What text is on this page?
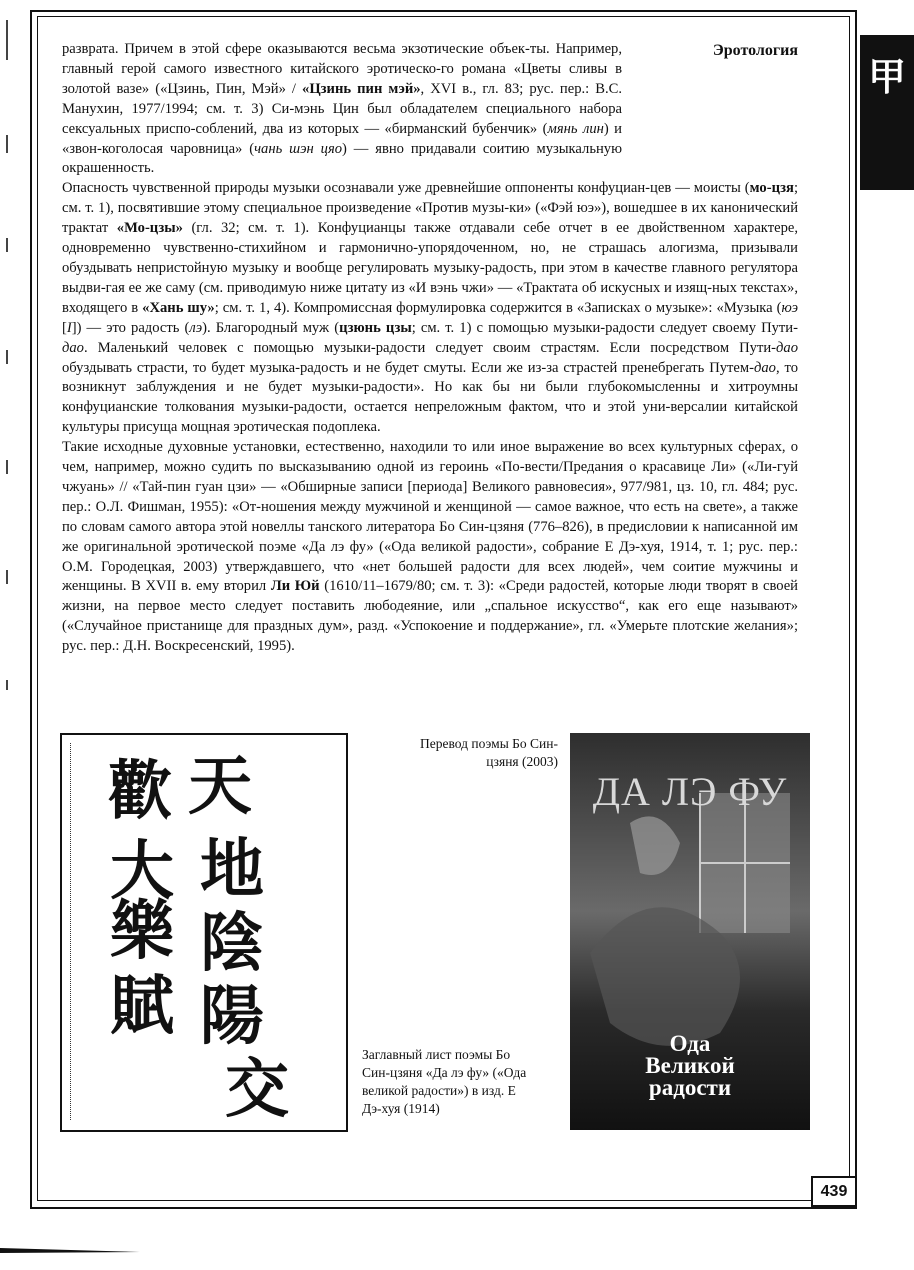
甲
Эротология

разврата. Причем в этой сфере оказываются весьма экзотические объек-ты. Например, главный герой самого известного китайского эротическо-го романа «Цветы сливы в золотой вазе» («Цзинь, Пин, Мэй» / «Цзинь пин мэй», XVI в., гл. 83; рус. пер.: B.C. Манухин, 1977/1994; см. т. 3) Си-мэнь Цин был обладателем специального набора сексуальных приспо-соблений, два из которых — «бирманский бубенчик» (мянь лин) и «звон-коголосая чаровница» (чань шэн цяо) — явно придавали соитию музыкальную окрашенность.

Опасность чувственной природы музыки осознавали уже древнейшие оппоненты конфуциан-цев — моисты (мо-цзя; см. т. 1), посвятившие этому специальное произведение «Против музы-ки» («Фэй юэ»), вошедшее в их канонический трактат «Мо-цзы» (гл. 32; см. т. 1). Конфуцианцы также отдавали себе отчет в ее двойственном характере, одновременно чувственно-стихийном и гармонично-упорядоченном, но, не страшась алогизма, призывали обуздывать непристойную музыку и вообще регулировать музыку-радость, при этом в качестве главного регулятора выдви-гая ее же саму (см. приводимую ниже цитату из «И вэнь чжи» — «Трактата об искусных и изящ-ных текстах», входящего в «Хань шу»; см. т. 1, 4). Компромиссная формулировка содержится в «Записках о музыке»: «Музыка (юэ [I]) — это радость (лэ). Благородный муж (цзюнь цзы; см. т. 1) с помощью музыки-радости следует своему Пути-дао. Маленький человек с помощью музыки-радости следует своим страстям. Если посредством Пути-дао обуздывать страсти, то будет музыка-радость и не будет смуты. Если же из-за страстей пренебрегать Путем-дао, то возникнут заблуждения и не будет музыки-радости». Но как бы ни были глубокомысленны и хитроумны конфуцианские толкования музыки-радости, остается непреложным фактом, что и этой уни-версалии китайской культуры присуща мощная эротическая подоплека.

Такие исходные духовные установки, естественно, находили то или иное выражение во всех культурных сферах, о чем, например, можно судить по высказыванию одной из героинь «По-вести/Предания о красавице Ли» («Ли-гуй чжуань» // «Тай-пин гуан цзи» — «Обширные записи [периода] Великого равновесия», 977/981, цз. 10, гл. 484; рус. пер.: О.Л. Фишман, 1955): «От-ношения между мужчиной и женщиной — самое важное, что есть на свете», а также по словам самого автора этой новеллы танского литератора Бо Син-цзяня (776–826), в предисловии к написанной им же оригинальной эротической поэме «Да лэ фу» («Ода великой радости», собрание Е Дэ-хуя, 1914, т. 1; рус. пер.: О.М. Городецкая, 2003) утверждавшего, что «нет большей радости для всех людей», чем соитие мужчины и женщины. В XVII в. ему вторил Ли Юй (1610/11–1679/80; см. т. 3): «Среди радостей, которые люди творят в своей жизни, на первое место следует поставить любодеяние, или „спальное искусство“, как его еще называют» («Случайное пристанище для праздных дум», разд. «Успокоение и поддержание», гл. «Умерьте плотские желания»; рус. пер.: Д.Н. Воскресенский, 1995).

天
地
陰
陽
交
歡
大
樂
賦
Перевод поэмы Бо Син-цзяня (2003)
Заглавный лист поэмы Бо Син-цзяня «Да лэ фу» («Ода великой радости») в изд. Е Дэ-хуя (1914)
ДА ЛЭ ФУ
Ода
Великой
радости
439
